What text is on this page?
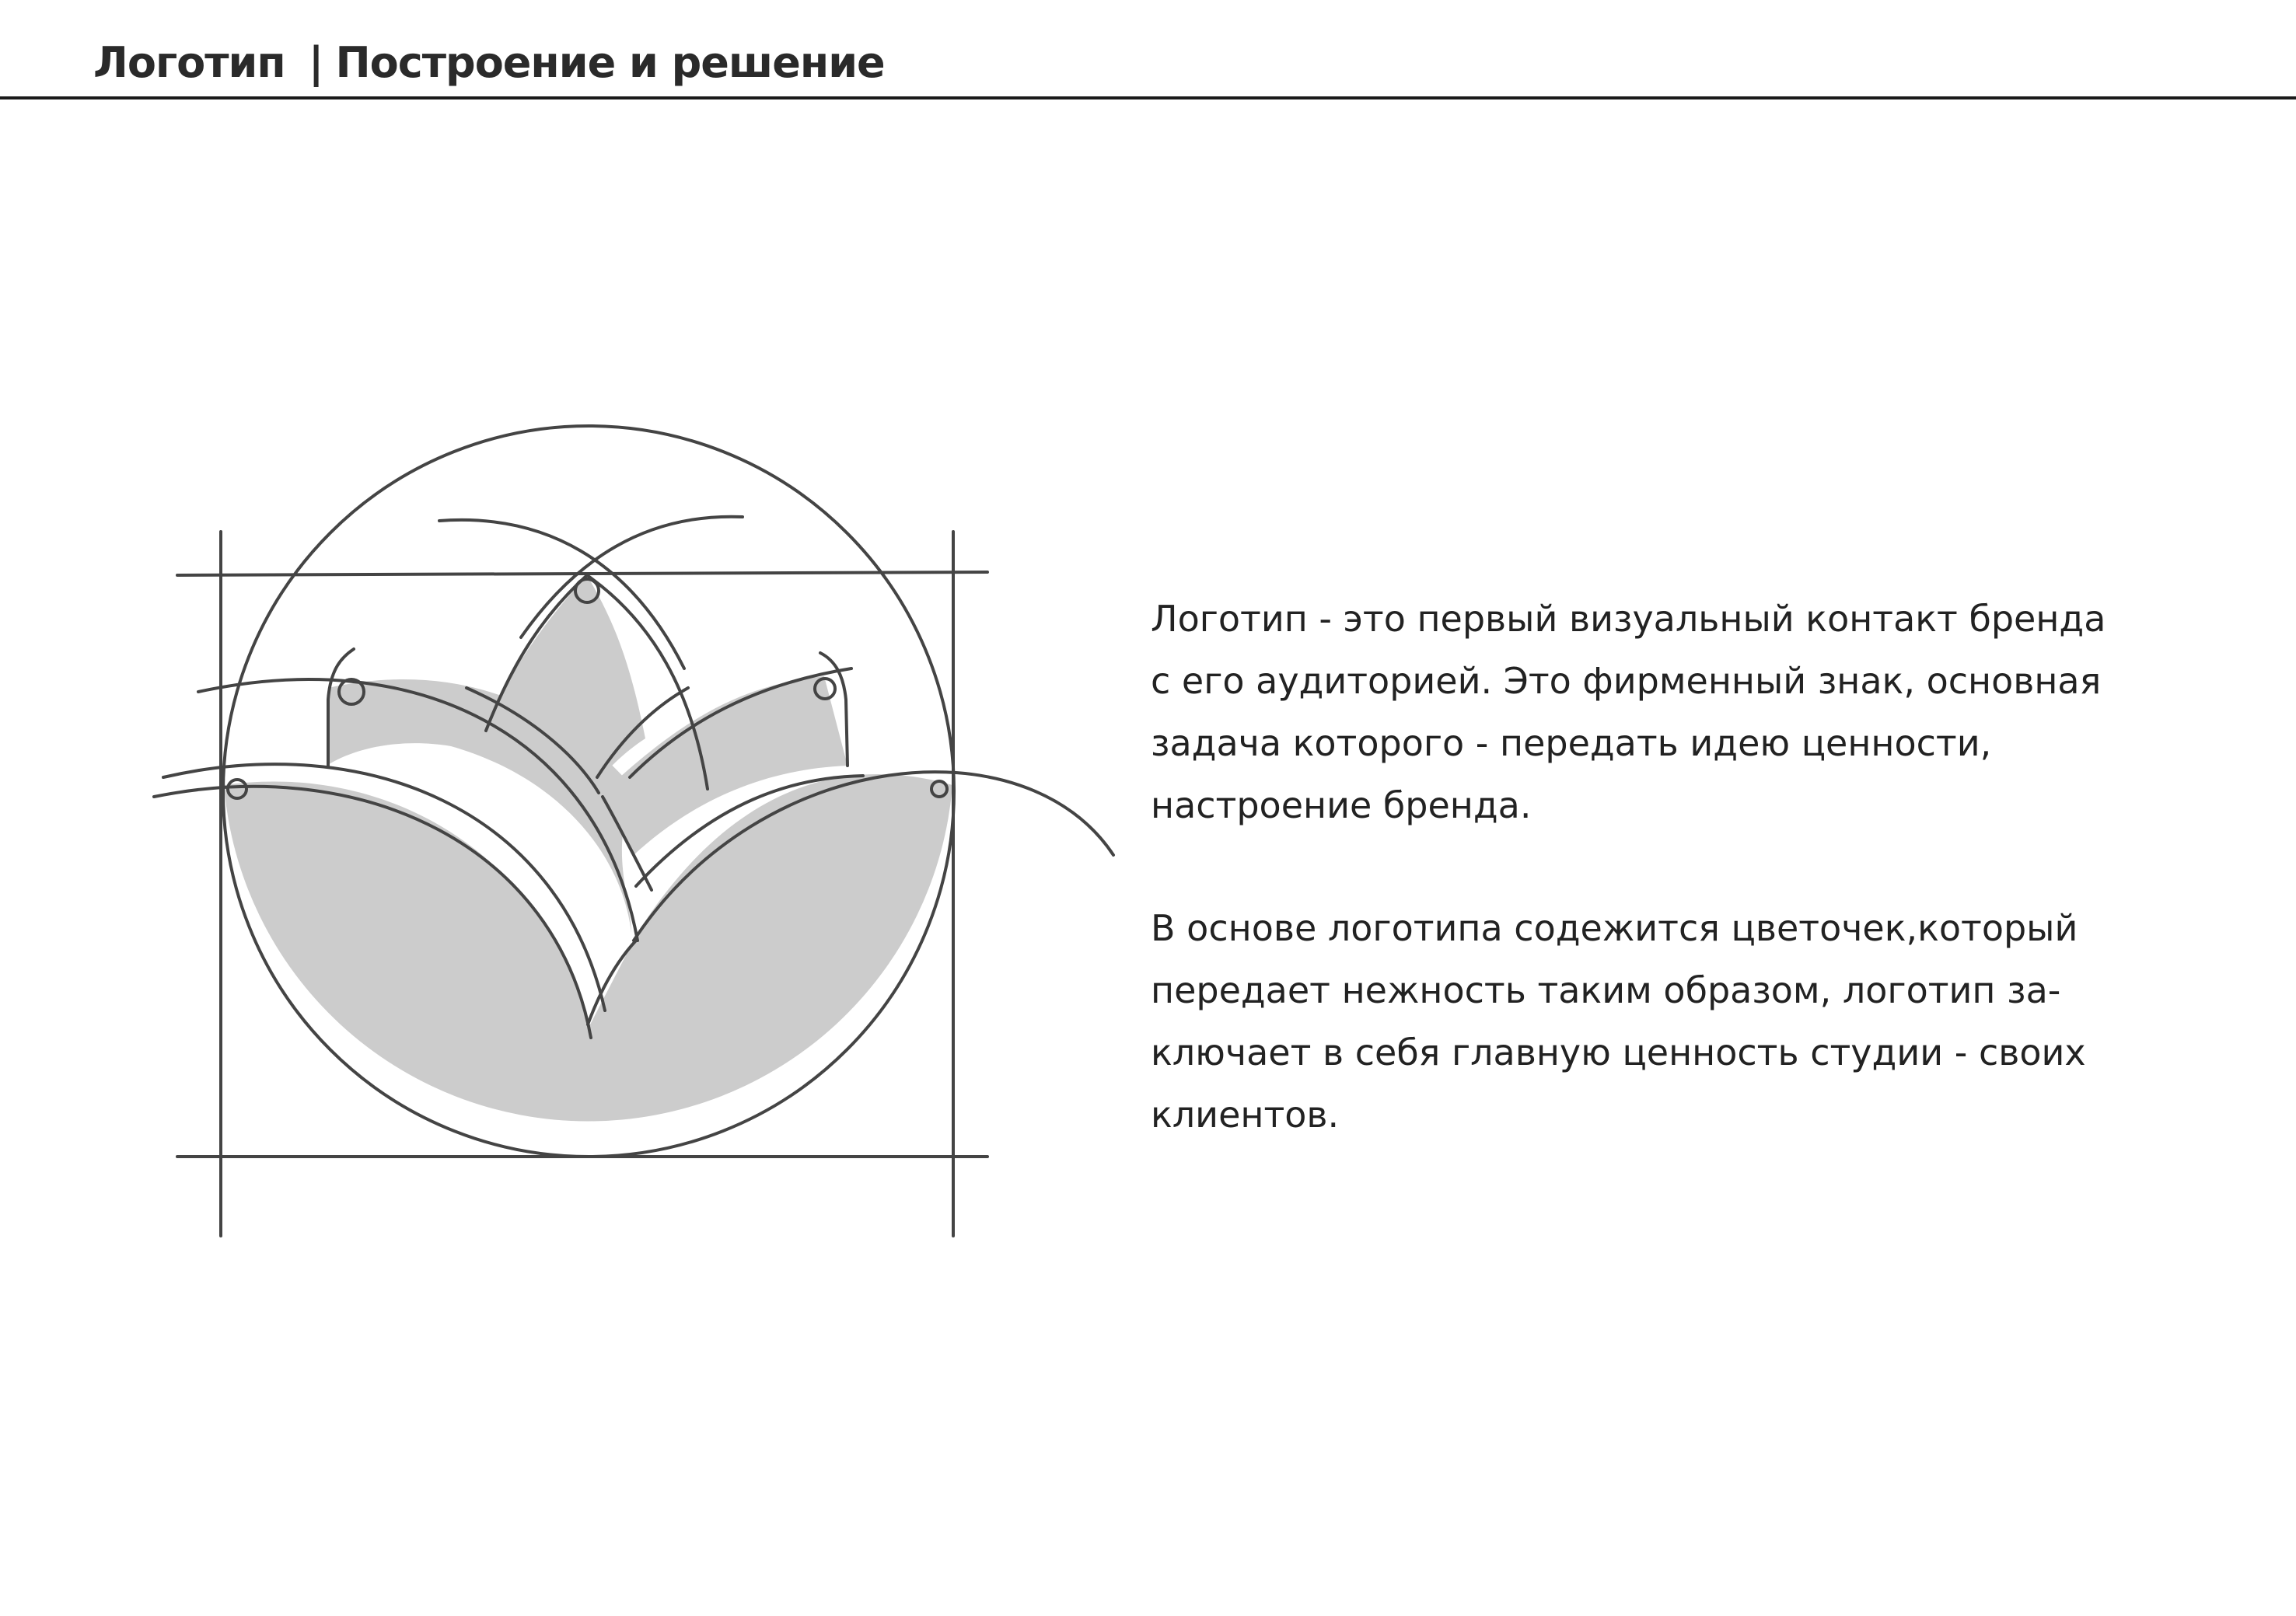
Логотип | Построение и решение

Логотип - это первый визуальный контакт бренда
с его аудиторией. Это фирменный знак, основная
задача которого - передать идею ценности,
настроение бренда.

В основе логотипа содежится цветочек,который
передает нежность таким образом, логотип за-
ключает в себя главную ценность студии - своих
клиентов.
